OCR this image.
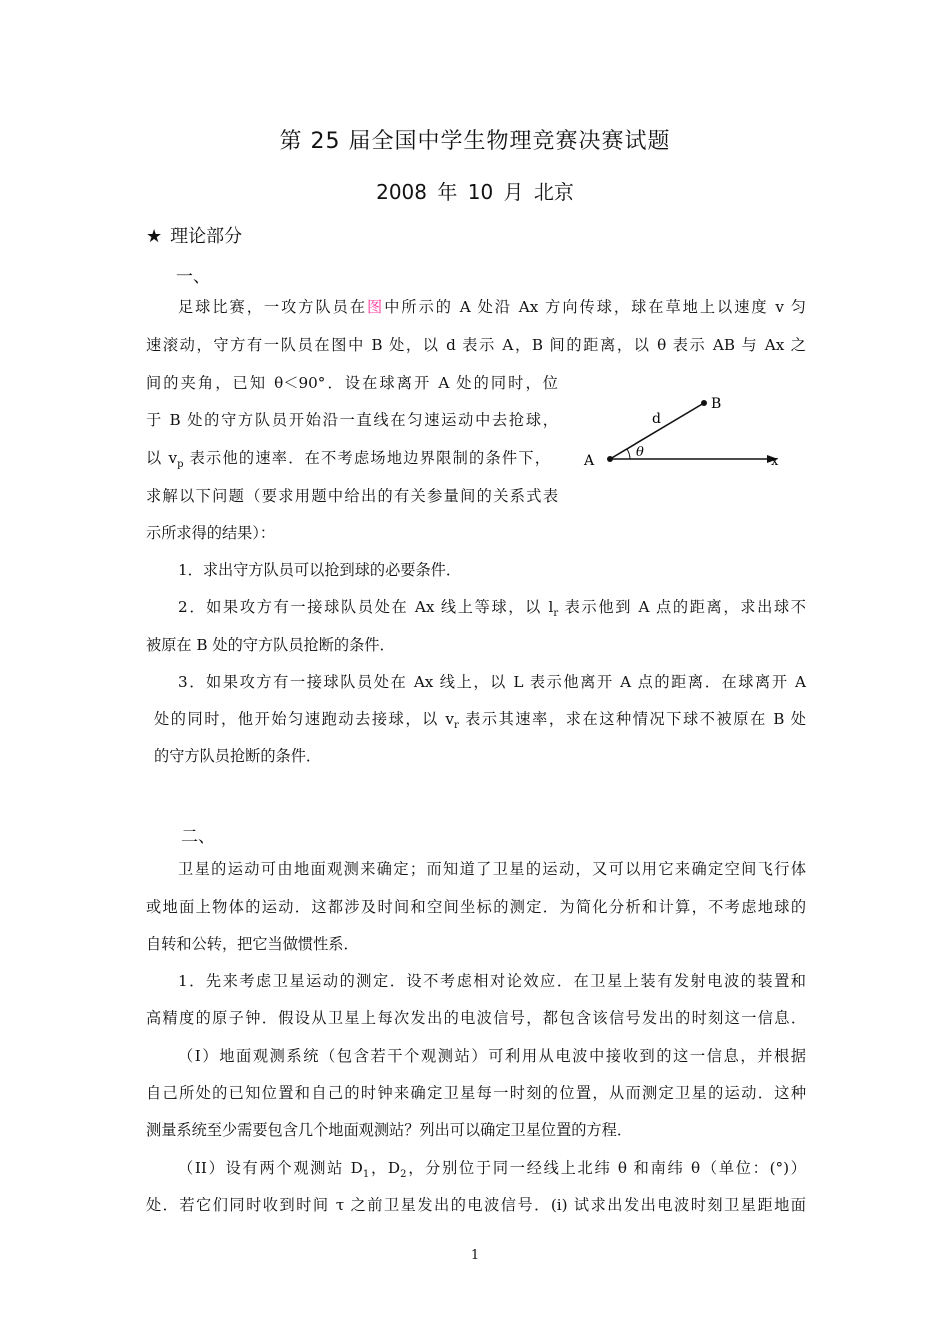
第 25 届全国中学生物理竞赛决赛试题
2008 年 10 月 北京
★ 理论部分
一、
足球比赛，一攻方队员在图中所示的 A 处沿 Ax 方向传球，球在草地上以速度 v 匀
速滚动，守方有一队员在图中 B 处，以 d 表示 A，B 间的距离，以 θ 表示 AB 与 Ax 之
间的夹角，已知 θ＜90°．设在球离开 A 处的同时，位
于 B 处的守方队员开始沿一直线在匀速运动中去抢球，
以 $v_p$ 表示他的速率．在不考虑场地边界限制的条件下，
求解以下问题（要求用题中给出的有关参量间的关系式表
示所求得的结果）：
1．求出守方队员可以抢到球的必要条件．
2．如果攻方有一接球队员处在 Ax 线上等球，以 $l_r$ 表示他到 A 点的距离，求出球不
被原在 B 处的守方队员抢断的条件．
3．如果攻方有一接球队员处在 Ax 线上，以 L 表示他离开 A 点的距离．在球离开 A
处的同时，他开始匀速跑动去接球，以 $v_r$ 表示其速率，求在这种情况下球不被原在 B 处
的守方队员抢断的条件．
A
B
d
θ
x
二、
卫星的运动可由地面观测来确定；而知道了卫星的运动，又可以用它来确定空间飞行体
或地面上物体的运动．这都涉及时间和空间坐标的测定．为简化分析和计算，不考虑地球的
自转和公转，把它当做惯性系．
1．先来考虑卫星运动的测定．设不考虑相对论效应．在卫星上装有发射电波的装置和
高精度的原子钟．假设从卫星上每次发出的电波信号，都包含该信号发出的时刻这一信息．
（I）地面观测系统（包含若干个观测站）可利用从电波中接收到的这一信息，并根据
自己所处的已知位置和自己的时钟来确定卫星每一时刻的位置，从而测定卫星的运动．这种
测量系统至少需要包含几个地面观测站？列出可以确定卫星位置的方程．
（II）设有两个观测站 $D_1$，$D_2$，分别位于同一经线上北纬 θ 和南纬 θ（单位：(°)）
处．若它们同时收到时间 τ 之前卫星发出的电波信号．(i) 试求出发出电波时刻卫星距地面
1
